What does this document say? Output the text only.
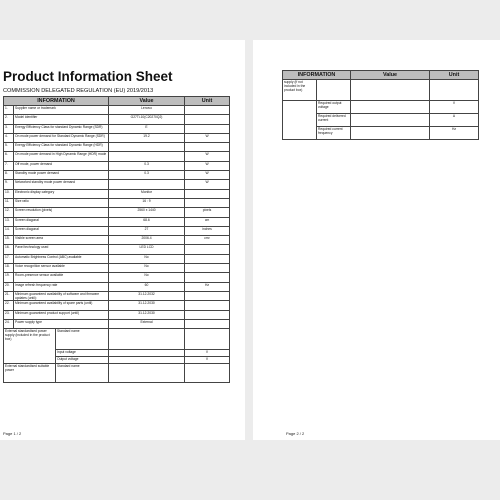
Product Information Sheet
COMMISSION DELEGATED REGULATION (EU) 2019/2013
INFORMATION			Value	Unit
1.	Supplier name or trademark		Lenovo	
2.	Model identifier		G27Ti-10(C20270Q2)	
3.	Energy Efficiency Class for standard Dynamic Range (SDR)		E	
4.	On mode power demand for Standard Dynamic Range (SDR)		19.2	W
5.	Energy Efficiency Class for standard Dynamic Range (HDR)			
6.	On mode power demand in High Dynamic Range (HDR) mode			W
7.	Off mode, power demand		0.3	W
8.	Standby mode power demand		0.3	W
9.	Networked standby mode power demand			W
10.	Electronic display category		Monitor	
11.	Size ratio		16 : 9	
12.	Screen resolution (pixels)		2560 x 1440	pixels
13.	Screen diagonal		68.6	cm
14.	Screen diagonal		27	inches
15.	Visible screen area		2006.4	cm²
16.	Panel technology used		LED LCD	
17.	Automatic Brightness Control (ABC) available		No	
18.	Voice recognition sensor available		No	
19.	Room-presence sensor available		No	
20.	Image refresh frequency rate		60	Hz
21.	Minimum guaranteed availability of software and firmware updates (until):		31.12.2032	
22.	Minimum guaranteed availability of spare parts (until)		31.12.2030	
23.	Minimum guaranteed product support (until)		31.12.2030	
24.	Power supply type		External	
External standardised power supply (included in the product box)		Standard name		
		Input voltage		V
		Output voltage		V
External standardised suitable power		Standard name		
Page 1 / 2
INFORMATION		Value	Unit
supply (if not included in the product box)			
	Required output voltage		V
	Required delivered current		A
	Required current frequency		Hz
Page 2 / 2
